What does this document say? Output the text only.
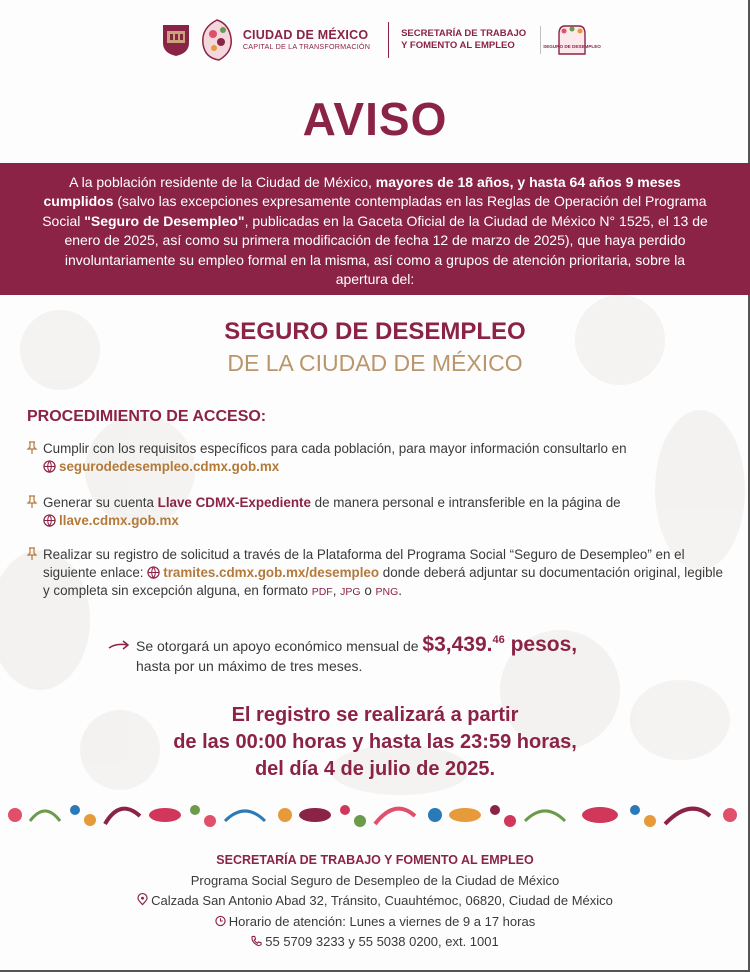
CIUDAD DE MÉXICO
CAPITAL DE LA TRANSFORMACIÓN
SECRETARÍA DE TRABAJO
Y FOMENTO AL EMPLEO	SEGURO DE DESEMPLEO
AVISO
A la población residente de la Ciudad de México, mayores de 18 años, y hasta 64 años 9 meses cumplidos (salvo las excepciones expresamente contempladas en las Reglas de Operación del Programa Social "Seguro de Desempleo", publicadas en la Gaceta Oficial de la Ciudad de México N° 1525, el 13 de enero de 2025, así como su primera modificación de fecha 12 de marzo de 2025), que haya perdido involuntariamente su empleo formal en la misma, así como a grupos de atención prioritaria, sobre la apertura del:
SEGURO DE DESEMPLEO
DE LA CIUDAD DE MÉXICO
PROCEDIMIENTO DE ACCESO:
Cumplir con los requisitos específicos para cada población, para mayor información consultarlo en
segurodedesempleo.cdmx.gob.mx
Generar su cuenta Llave CDMX-Expediente de manera personal e intransferible en la página de
llave.cdmx.gob.mx
Realizar su registro de solicitud a través de la Plataforma del Programa Social “Seguro de Desempleo” en el siguiente enlace: tramites.cdmx.gob.mx/desempleo donde deberá adjuntar su documentación original, legible y completa sin excepción alguna, en formato PDF, JPG o PNG.
Se otorgará un apoyo económico mensual de $3,439.46 pesos,
hasta por un máximo de tres meses.
El registro se realizará a partir
de las 00:00 horas y hasta las 23:59 horas,
del día 4 de julio de 2025.
SECRETARÍA DE TRABAJO Y FOMENTO AL EMPLEO
Programa Social Seguro de Desempleo de la Ciudad de México
Calzada San Antonio Abad 32, Tránsito, Cuauhtémoc, 06820, Ciudad de México
Horario de atención: Lunes a viernes de 9 a 17 horas
55 5709 3233 y 55 5038 0200, ext. 1001
